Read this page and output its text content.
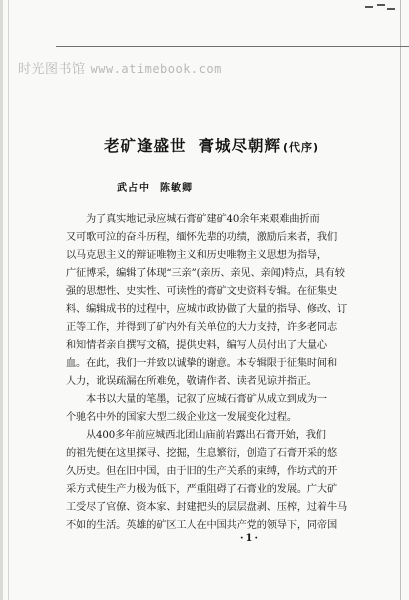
时光图书馆 www.atimebook.com
老矿逢盛世 膏城尽朝辉 (代序)
武占中 陈敏卿
为了真实地记录应城石膏矿建矿40余年来艰难曲折而
又可歌可泣的奋斗历程，缅怀先辈的功绩，激励后来者，我们
以马克思主义的辩证唯物主义和历史唯物主义思想为指导，
广征博采，编辑了体现“三亲”(亲历、亲见、亲闻)特点，具有较
强的思想性、史实性、可读性的膏矿文史资料专辑。在征集史
料、编辑成书的过程中，应城市政协做了大量的指导、修改、订
正等工作，并得到了矿内外有关单位的大力支持，许多老同志
和知情者亲自撰写文稿，提供史料，编写人员付出了大量心
血。在此，我们一并致以诚挚的谢意。本专辑限于征集时间和
人力，讹误疏漏在所难免，敬请作者、读者见谅并指正。
本书以大量的笔墨，记叙了应城石膏矿从成立到成为一
个驰名中外的国家大型二级企业这一发展变化过程。
从400多年前应城西北团山庙前岩露出石膏开始，我们
的祖先便在这里探寻、挖掘，生息繁衍，创造了石膏开采的悠
久历史。但在旧中国，由于旧的生产关系的束缚，作坊式的开
采方式使生产力极为低下，严重阻碍了石膏业的发展。广大矿
工受尽了官僚、资本家、封建把头的层层盘剥、压榨，过着牛马
不如的生活。英雄的矿区工人在中国共产党的领导下，同帝国
·1·
